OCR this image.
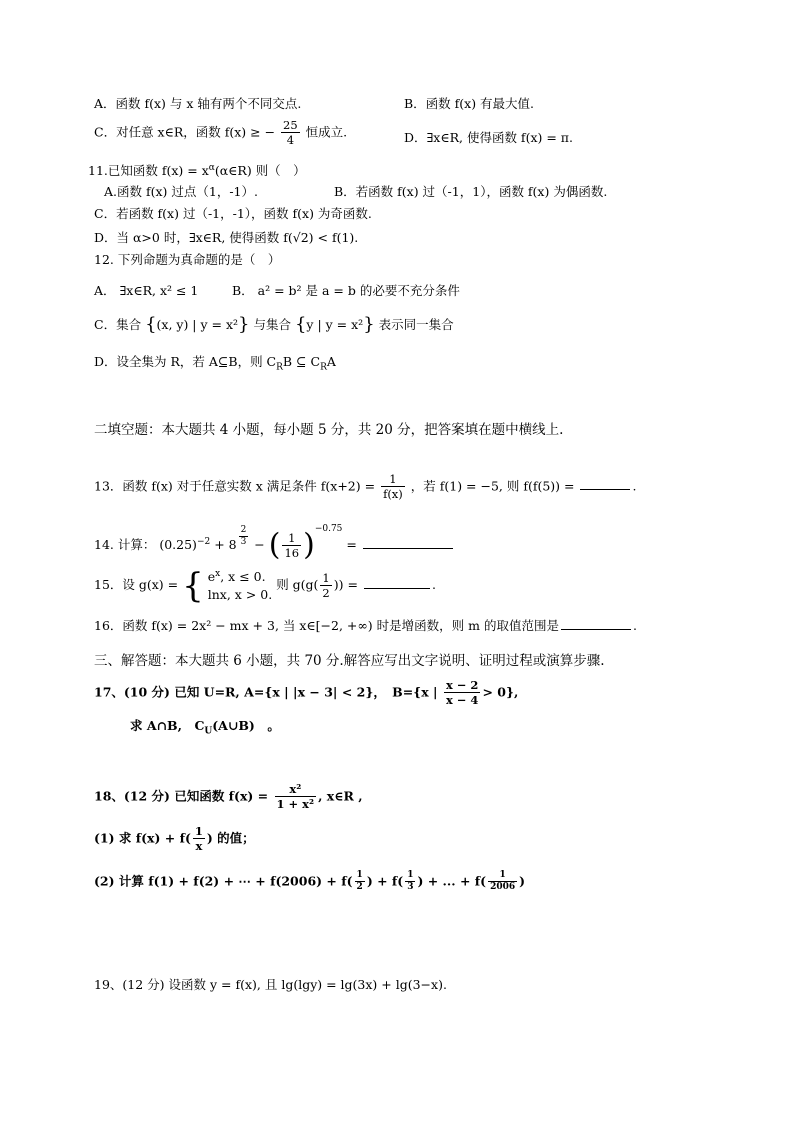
A．函数 f(x) 与 x 轴有两个不同交点.	B．函数 f(x) 有最大值.
C．对任意 x∈R，函数 f(x) ≥ − $\frac{25}{4}$ 恒成立.	D．∃x∈R, 使得函数 f(x) = π.
11.已知函数 $f(x) = x^\alpha(\alpha\in R)$ 则（　）
A.函数 f(x) 过点（1，-1）.	B．若函数 f(x) 过（-1，1），函数 f(x) 为偶函数.
C．若函数 f(x) 过（-1，-1），函数 f(x) 为奇函数.
D．当 α>0 时，∃x∈R, 使得函数 f(√2) < f(1).
12. 下列命题为真命题的是（　）
A． ∃x∈R, x² ≤ 1	B． a² = b² 是 a = b 的必要不充分条件
C．集合 {(x, y) | y = x²} 与集合 {y | y = x²} 表示同一集合
D．设全集为 R，若 A⊆B，则 $C_RB$ ⊆ $C_RA$
二填空题：本大题共 4 小题，每小题 5 分，共 20 分，把答案填在题中横线上.
13．函数 f(x) 对于任意实数 x 满足条件 $f(x+2) = \frac{1}{f(x)}$ ，若 f(1) = −5, 则 f(f(5)) =	.
14. 计算： $(0.25)^{-2} + 8 \frac{2}{3}$ − ( $\frac{1}{16} )^{-0.75}$ =
15．设 g(x) = { $e^x$, x ≤ 0.
lnx, x > 0.
则 $g(g( \frac{1}{2}$ )) =	.
16．函数 f(x) = 2x² − mx + 3, 当 x∈[−2, +∞) 时是增函数，则 m 的取值范围是	.
三、解答题：本大题共 6 小题，共 70 分.解答应写出文字说明、证明过程或演算步骤.
17、(10 分) 已知 U=R, A={x | |x − 3| < 2}，　B={x | $\frac{x - 2}{x - 4} > 0$},
求 A∩B,　$C_U(A\cup B)$　。
18、(12 分) 已知函数 $f(x) = \frac{\text{x²}}{\text{1 + x²}}$ , x∈R ,
(1) 求 $f(x) + f( \frac{1}{x}$ ) 的值；
(2) 计算 f(1) + f(2) + ⋯ + $f(2006) + f( \frac{1}{2}$ ) + $f( \frac{1}{3}$ ) + ... + $f( \frac{1}{2006}$ )
19、(12 分) 设函数 y = f(x), 且 lg(lgy) = lg(3x) + lg(3−x).
